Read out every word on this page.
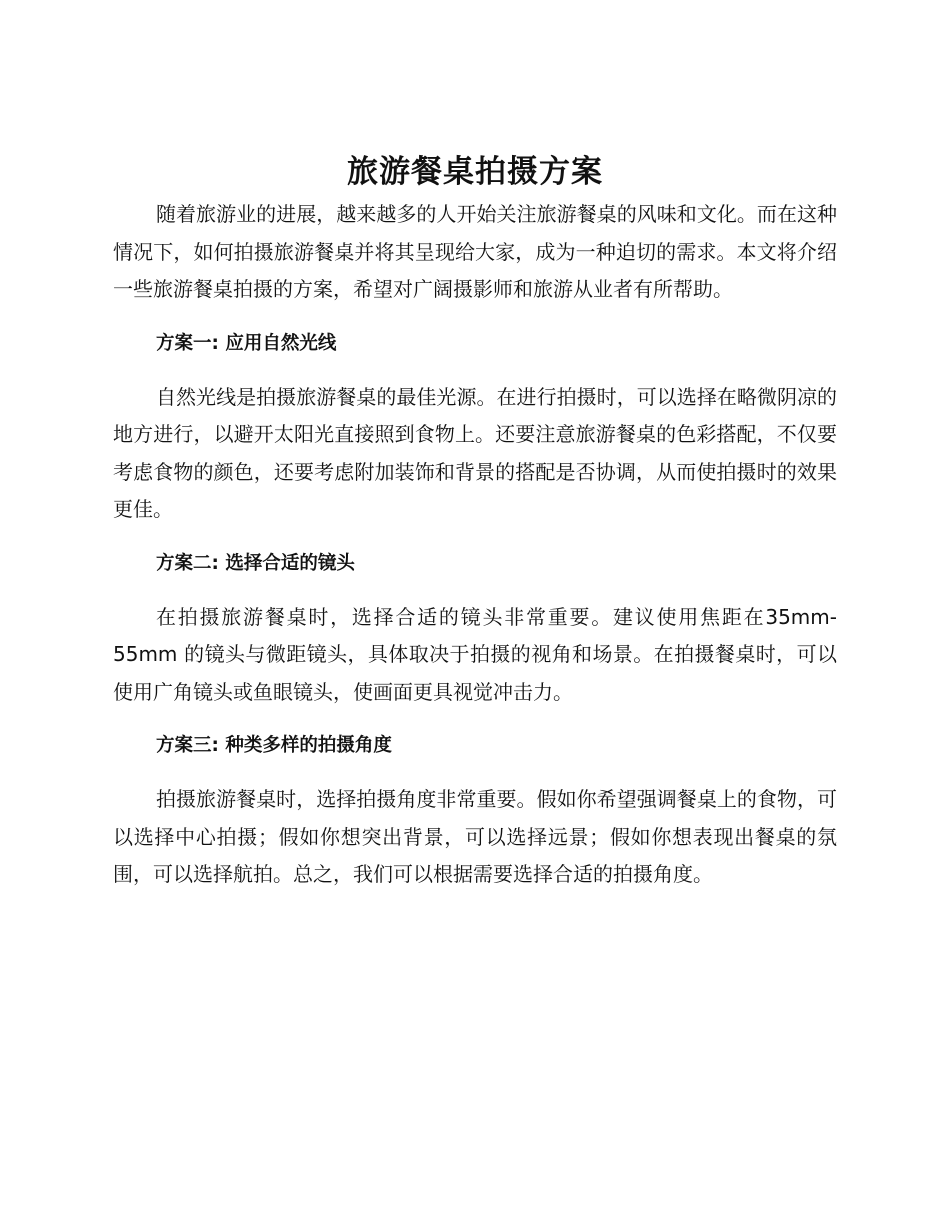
旅游餐桌拍摄方案

随着旅游业的进展，越来越多的人开始关注旅游餐桌的风味和文化。而在这种情况下，如何拍摄旅游餐桌并将其呈现给大家，成为一种迫切的需求。本文将介绍一些旅游餐桌拍摄的方案，希望对广阔摄影师和旅游从业者有所帮助。

方案一: 应用自然光线

自然光线是拍摄旅游餐桌的最佳光源。在进行拍摄时，可以选择在略微阴凉的地方进行，以避开太阳光直接照到食物上。还要注意旅游餐桌的色彩搭配，不仅要考虑食物的颜色，还要考虑附加装饰和背景的搭配是否协调，从而使拍摄时的效果更佳。

方案二: 选择合适的镜头

在拍摄旅游餐桌时，选择合适的镜头非常重要。建议使用焦距在35mm-55mm 的镜头与微距镜头，具体取决于拍摄的视角和场景。在拍摄餐桌时，可以使用广角镜头或鱼眼镜头，使画面更具视觉冲击力。

方案三: 种类多样的拍摄角度

拍摄旅游餐桌时，选择拍摄角度非常重要。假如你希望强调餐桌上的食物，可以选择中心拍摄；假如你想突出背景，可以选择远景；假如你想表现出餐桌的氛围，可以选择航拍。总之，我们可以根据需要选择合适的拍摄角度。
